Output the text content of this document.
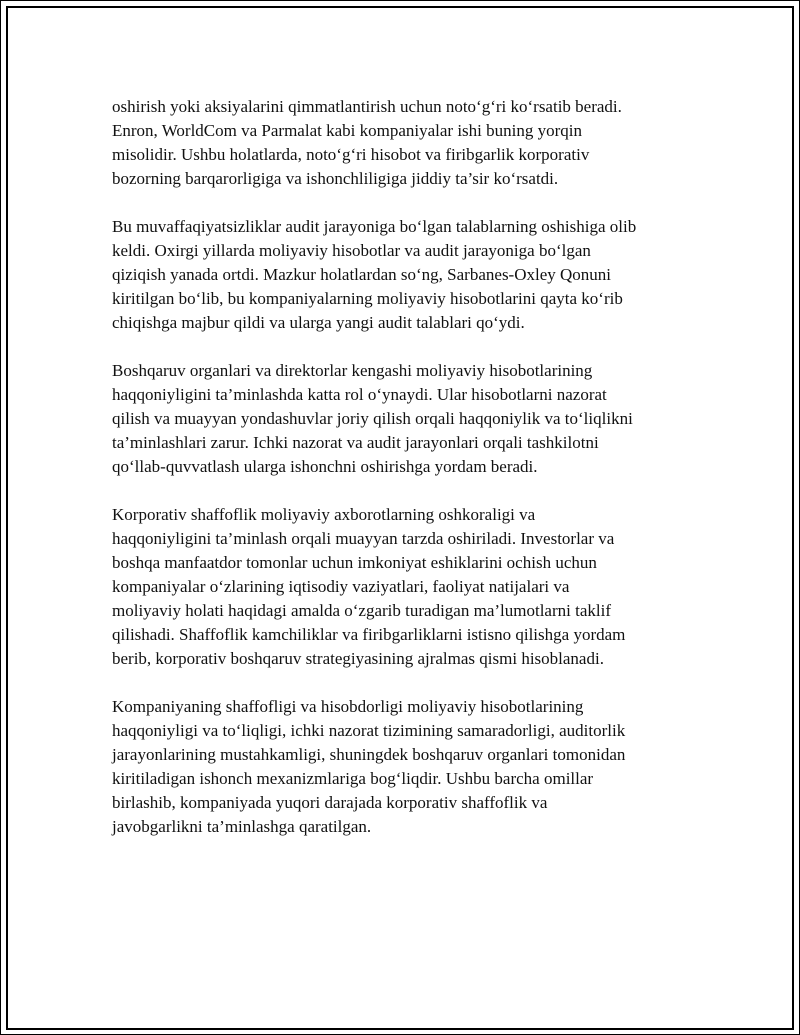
oshirish yoki aksiyalarini qimmatlantirish uchun noto‘g‘ri ko‘rsatib beradi.
Enron, WorldCom va Parmalat kabi kompaniyalar ishi buning yorqin
misolidir. Ushbu holatlarda, noto‘g‘ri hisobot va firibgarlik korporativ
bozorning barqarorligiga va ishonchliligiga jiddiy ta’sir ko‘rsatdi.

Bu muvaffaqiyatsizliklar audit jarayoniga bo‘lgan talablarning oshishiga olib
keldi. Oxirgi yillarda moliyaviy hisobotlar va audit jarayoniga bo‘lgan
qiziqish yanada ortdi. Mazkur holatlardan so‘ng, Sarbanes-Oxley Qonuni
kiritilgan bo‘lib, bu kompaniyalarning moliyaviy hisobotlarini qayta ko‘rib
chiqishga majbur qildi va ularga yangi audit talablari qo‘ydi.

Boshqaruv organlari va direktorlar kengashi moliyaviy hisobotlarining
haqqoniyligini ta’minlashda katta rol o‘ynaydi. Ular hisobotlarni nazorat
qilish va muayyan yondashuvlar joriy qilish orqali haqqoniylik va to‘liqlikni
ta’minlashlari zarur. Ichki nazorat va audit jarayonlari orqali tashkilotni
qo‘llab-quvvatlash ularga ishonchni oshirishga yordam beradi.

Korporativ shaffoflik moliyaviy axborotlarning oshkoraligi va
haqqoniyligini ta’minlash orqali muayyan tarzda oshiriladi. Investorlar va
boshqa manfaatdor tomonlar uchun imkoniyat eshiklarini ochish uchun
kompaniyalar o‘zlarining iqtisodiy vaziyatlari, faoliyat natijalari va
moliyaviy holati haqidagi amalda o‘zgarib turadigan ma’lumotlarni taklif
qilishadi. Shaffoflik kamchiliklar va firibgarliklarni istisno qilishga yordam
berib, korporativ boshqaruv strategiyasining ajralmas qismi hisoblanadi.

Kompaniyaning shaffofligi va hisobdorligi moliyaviy hisobotlarining
haqqoniyligi va to‘liqligi, ichki nazorat tizimining samaradorligi, auditorlik
jarayonlarining mustahkamligi, shuningdek boshqaruv organlari tomonidan
kiritiladigan ishonch mexanizmlariga bog‘liqdir. Ushbu barcha omillar
birlashib, kompaniyada yuqori darajada korporativ shaffoflik va
javobgarlikni ta’minlashga qaratilgan.
